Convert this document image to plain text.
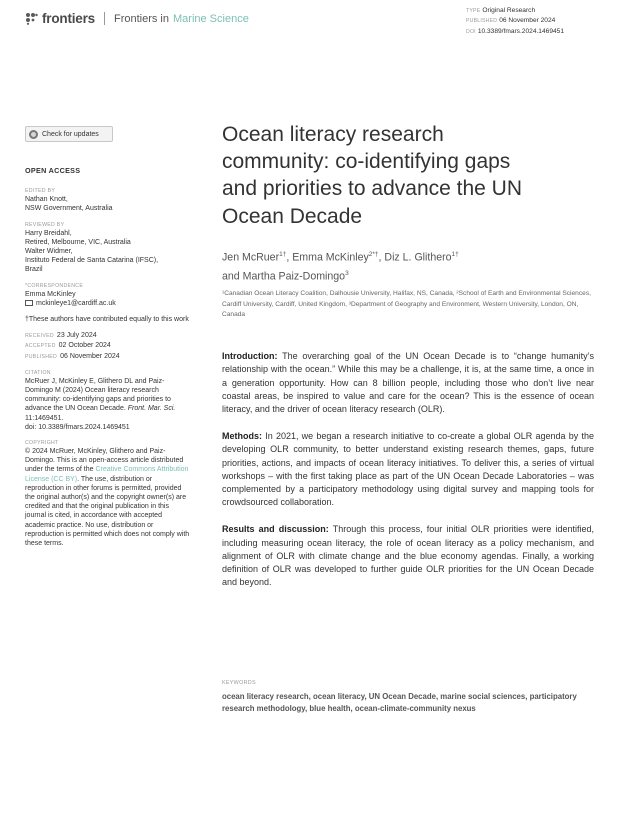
frontiers Frontiers in Marine Science
TYPE Original Research
PUBLISHED 06 November 2024
DOI 10.3389/fmars.2024.1469451
Check for updates
OPEN ACCESS
EDITED BY
Nathan Knott,
NSW Government, Australia
REVIEWED BY
Harry Breidahl,
Retired, Melbourne, VIC, Australia
Walter Widmer,
Instituto Federal de Santa Catarina (IFSC),
Brazil
*CORRESPONDENCE
Emma McKinley
mckinleye1@cardiff.ac.uk
†These authors have contributed equally to this work
RECEIVED 23 July 2024
ACCEPTED 02 October 2024
PUBLISHED 06 November 2024
CITATION
McRuer J, McKinley E, Glithero DL and Paiz-Domingo M (2024) Ocean literacy research community: co-identifying gaps and priorities to advance the UN Ocean Decade. Front. Mar. Sci. 11:1469451.
doi: 10.3389/fmars.2024.1469451
COPYRIGHT
© 2024 McRuer, McKinley, Glithero and Paiz-Domingo. This is an open-access article distributed under the terms of the Creative Commons Attribution License (CC BY). The use, distribution or reproduction in other forums is permitted, provided the original author(s) and the copyright owner(s) are credited and that the original publication in this journal is cited, in accordance with accepted academic practice. No use, distribution or reproduction is permitted which does not comply with these terms.
Ocean literacy research community: co-identifying gaps and priorities to advance the UN Ocean Decade
Jen McRuer$^{1\dagger}$, Emma McKinley$^{2*\dagger}$, Diz L. Glithero$^{1\dagger}$
and Martha Paiz-Domingo$^3$
¹Canadian Ocean Literacy Coalition, Dalhousie University, Halifax, NS, Canada, ²School of Earth and Environmental Sciences, Cardiff University, Cardiff, United Kingdom, ³Department of Geography and Environment, Western University, London, ON, Canada

Introduction: The overarching goal of the UN Ocean Decade is to “change humanity’s relationship with the ocean.” While this may be a challenge, it is, at the same time, a once in a generation opportunity. How can 8 billion people, including those who don’t live near coastal areas, be inspired to value and care for the ocean? This is the essence of ocean literacy, and the driver of ocean literacy research (OLR).

Methods: In 2021, we began a research initiative to co-create a global OLR agenda by the developing OLR community, to better understand existing research themes, gaps, future priorities, actions, and impacts of ocean literacy initiatives. To deliver this, a series of virtual workshops – with the first taking place as part of the UN Ocean Decade Laboratories – was complemented by a participatory methodology using digital survey and mapping tools for crowdsourced collaboration.

Results and discussion: Through this process, four initial OLR priorities were identified, including measuring ocean literacy, the role of ocean literacy as a policy mechanism, and alignment of OLR with climate change and the blue economy agendas. Finally, a working definition of OLR was developed to further guide OLR priorities for the UN Ocean Decade and beyond.

KEYWORDS
ocean literacy research, ocean literacy, UN Ocean Decade, marine social sciences, participatory research methodology, blue health, ocean-climate-community nexus
